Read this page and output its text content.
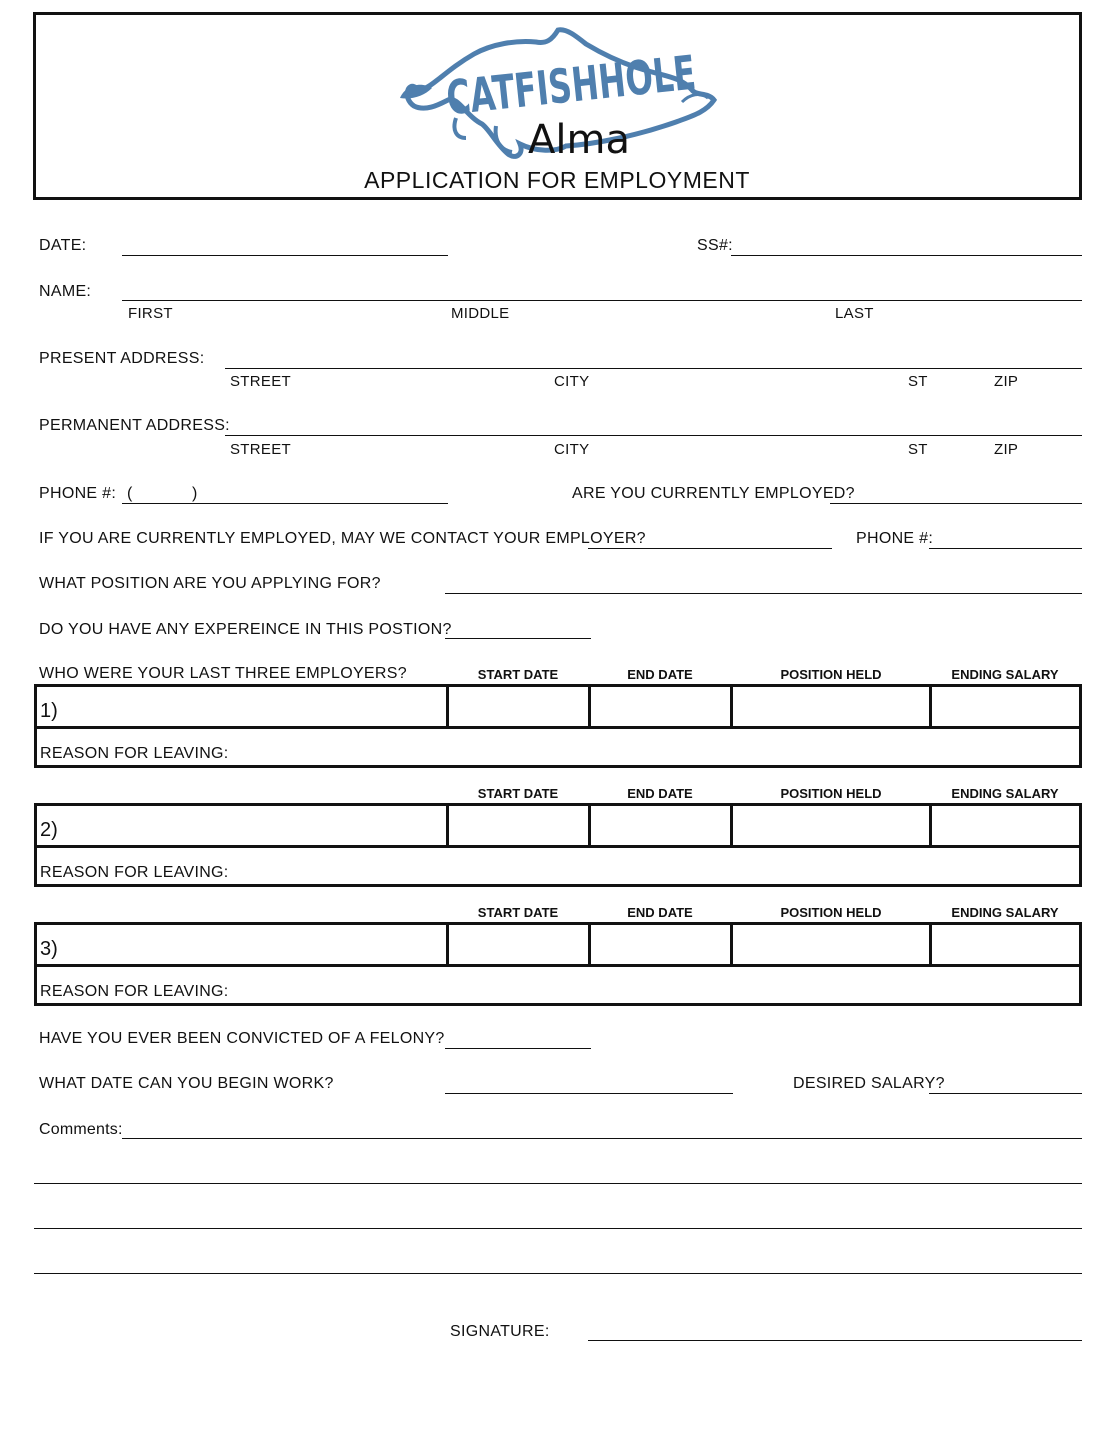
CATFISHHOLE
Alma
APPLICATION FOR EMPLOYMENT
DATE:	SS#:
NAME:
FIRST	MIDDLE	LAST
PRESENT ADDRESS:
STREET	CITY	ST	ZIP
PERMANENT ADDRESS:
STREET	CITY	ST	ZIP
PHONE #: (	)	ARE YOU CURRENTLY EMPLOYED?
IF YOU ARE CURRENTLY EMPLOYED, MAY WE CONTACT YOUR EMPLOYER?	PHONE #:
WHAT POSITION ARE YOU APPLYING FOR?
DO YOU HAVE ANY EXPEREINCE IN THIS POSTION?
WHO WERE YOUR LAST THREE EMPLOYERS?	START DATE	END DATE	POSITION HELD	ENDING SALARY
1)
REASON FOR LEAVING:
START DATE	END DATE	POSITION HELD	ENDING SALARY
2)
REASON FOR LEAVING:
START DATE	END DATE	POSITION HELD	ENDING SALARY
3)
REASON FOR LEAVING:
HAVE YOU EVER BEEN CONVICTED OF A FELONY?
WHAT DATE CAN YOU BEGIN WORK?	DESIRED SALARY?
Comments:
SIGNATURE:
